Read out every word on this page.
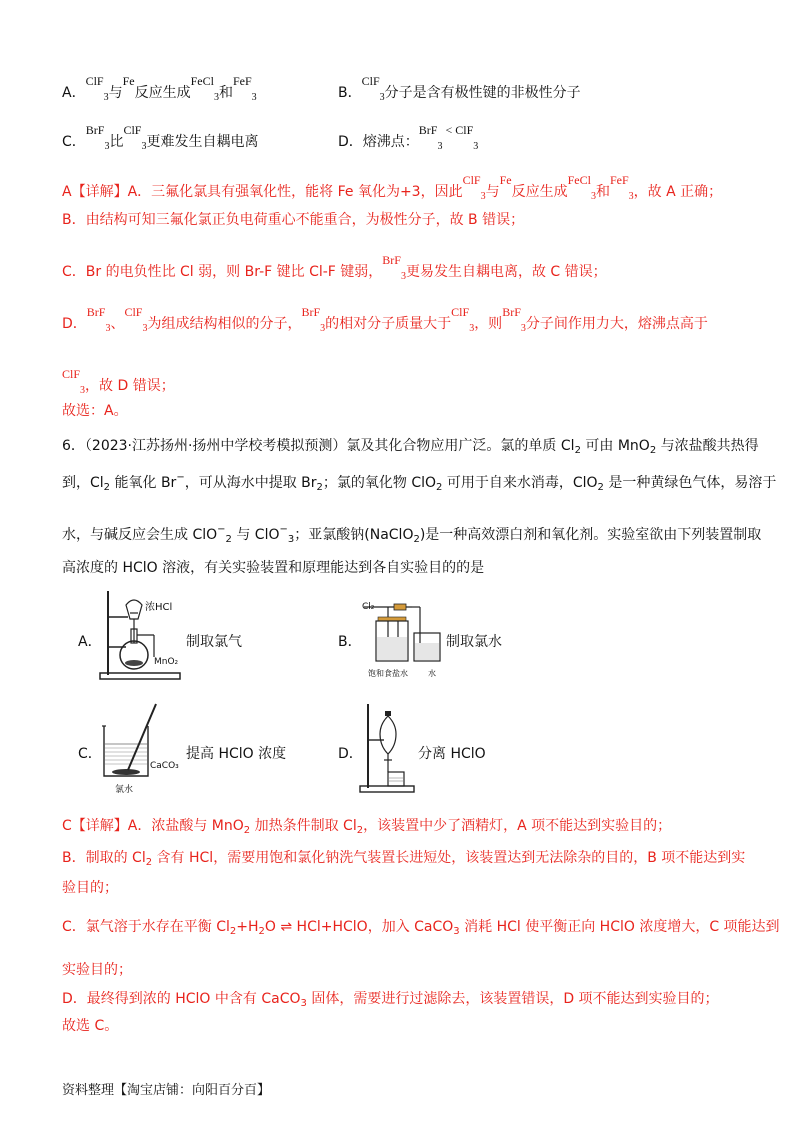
A．ClF$_3$与Fe反应生成FeCl$_3$和FeF$_3$	B．ClF$_3$分子是含有极性键的非极性分子
C．BrF$_3$比ClF$_3$更难发生自耦电离	D．熔沸点：BrF$_3$ < ClF$_3$
A【详解】A．三氟化氯具有强氧化性，能将 Fe 氧化为+3，因此ClF$_3$与Fe反应生成FeCl$_3$和FeF$_3$，故 A 正确；
B．由结构可知三氟化氯正负电荷重心不能重合，为极性分子，故 B 错误；
C．Br 的电负性比 Cl 弱，则 Br-F 键比 Cl-F 键弱，BrF$_3$更易发生自耦电离，故 C 错误；
D．BrF$_3$、ClF$_3$为组成结构相似的分子，BrF$_3$的相对分子质量大于ClF$_3$，则BrF$_3$分子间作用力大，熔沸点高于
ClF$_3$，故 D 错误；
故选：A。
6．（2023·江苏扬州·扬州中学校考模拟预测）氯及其化合物应用广泛。氯的单质 $Cl_2$ 可由 MnO$_2$ 与浓盐酸共热得
到，$Cl_2$ 能氧化 Br−，可从海水中提取 $Br_2$；氯的氧化物 ClO$_2$ 可用于自来水消毒，ClO$_2$ 是一种黄绿色气体，易溶于
水，与碱反应会生成 ClO−$_2$ 与 ClO−$_3$；亚氯酸钠(NaClO$_2$)是一种高效漂白剂和氧化剂。实验室欲由下列装置制取
高浓度的 HClO 溶液，有关实验装置和原理能达到各自实验目的的是
A．
浓HCl
MnO₂
制取氯气	B．
Cl₂
饱和食盐水	水
制取氯水
C．
CaCO₃
氯水
提高 HClO 浓度	D．	分离 HClO
C【详解】A．浓盐酸与 MnO$_2$ 加热条件制取 $Cl_2$，该装置中少了酒精灯，A 项不能达到实验目的；
B．制取的 $Cl_2$ 含有 HCl，需要用饱和氯化钠洗气装置长进短处，该装置达到无法除杂的目的，B 项不能达到实
验目的；
C．氯气溶于水存在平衡 $Cl_2+H_2O$ ⇌ HCl+HClO，加入 CaCO$_3$ 消耗 HCl 使平衡正向 HClO 浓度增大，C 项能达到
实验目的；
D．最终得到浓的 HClO 中含有 CaCO$_3$ 固体，需要进行过滤除去，该装置错误，D 项不能达到实验目的；
故选 C。
资料整理【淘宝店铺：向阳百分百】
